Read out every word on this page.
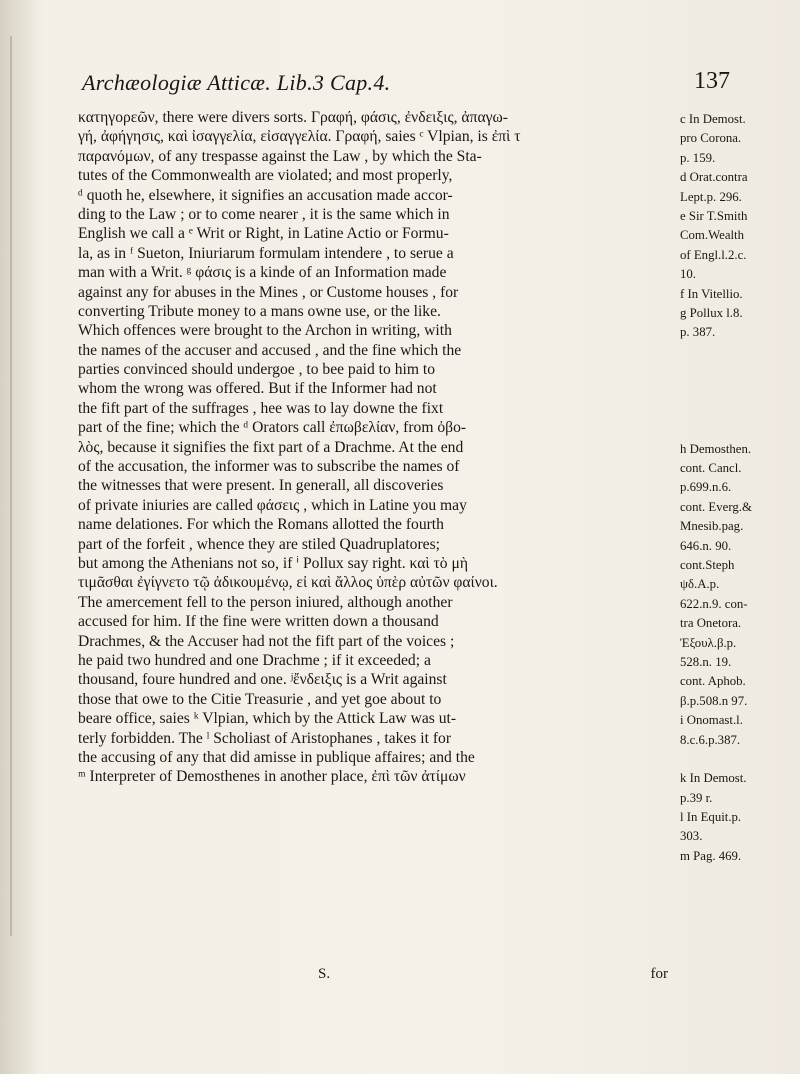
Archæologiæ Atticæ. Lib.3 Cap.4.	137
κατηγορεῶν, there were divers sorts. Γραφή, φάσις, ἐνδειξις, ἀπαγω-
γή, ἀφήγησις, καὶ ἰσαγγελία, εἰσαγγελία. Γραφή, saies ᶜ Vlpian, is ἐπὶ τ
παρανόμων, of any trespasse against the Law , by which the Sta-
tutes of the Commonwealth are violated; and most properly,
ᵈ quoth he, elsewhere, it signifies an accusation made accor-
ding to the Law ; or to come nearer , it is the same which in
English we call a ᵉ Writ or Right, in Latine Actio or Formu-
la, as in ᶠ Sueton, Iniuriarum formulam intendere , to serue a
man with a Writ. ᵍ φάσις is a kinde of an Information made
against any for abuses in the Mines , or Custome houses , for
converting Tribute money to a mans owne use, or the like.
Which offences were brought to the Archon in writing, with
the names of the accuser and accused , and the fine which the
parties convinced should undergoe , to bee paid to him to
whom the wrong was offered. But if the Informer had not
the fift part of the suffrages , hee was to lay downe the fixt
part of the fine; which the ᵈ Orators call ἐπωβελίαν, from ὀβο-
λὸς, because it signifies the fixt part of a Drachme. At the end
of the accusation, the informer was to subscribe the names of
the witnesses that were present. In generall, all discoveries
of private iniuries are called φάσεις , which in Latine you may
name delationes. For which the Romans allotted the fourth
part of the forfeit , whence they are stiled Quadruplatores;
but among the Athenians not so, if ⁱ Pollux say right. καὶ τὸ μὴ
τιμᾶσθαι ἐγίγνετο τῷ ἀδικουμένῳ, εἰ καὶ ἄλλος ὑπὲρ αὐτῶν φαίνοι.
The amercement fell to the person iniured, although another
accused for him. If the fine were written down a thousand
Drachmes, & the Accuser had not the fift part of the voices ;
he paid two hundred and one Drachme ; if it exceeded; a
thousand, foure hundred and one. ʲἔνδειξις is a Writ against
those that owe to the Citie Treasurie , and yet goe about to
beare office, saies ᵏ Vlpian, which by the Attick Law was ut-
terly forbidden. The ˡ Scholiast of Aristophanes , takes it for
the accusing of any that did amisse in publique affaires; and the
ᵐ Interpreter of Demosthenes in another place, ἐπὶ τῶν ἀτίμων
c In Demost.
pro Corona.
p. 159.
d Orat.contra
Lept.p. 296.
e Sir T.Smith
Com.Wealth
of Engl.l.2.c.
10.
f In Vitellio.
g Pollux l.8.
p. 387.
h Demosthen.
cont. Cancl.
p.699.n.6.
cont. Everg.&
Mnesib.pag.
646.n. 90.
cont.Steph
ψδ.Α.p.
622.n.9. con-
tra Onetora.
Ἐξουλ.β.p.
528.n. 19.
cont. Aphob.
β.p.508.n 97.
i Onomast.l.
8.c.6.p.387.
k In Demost.
p.39 r.
l In Equit.p.
303.
m Pag. 469.
S.	for
